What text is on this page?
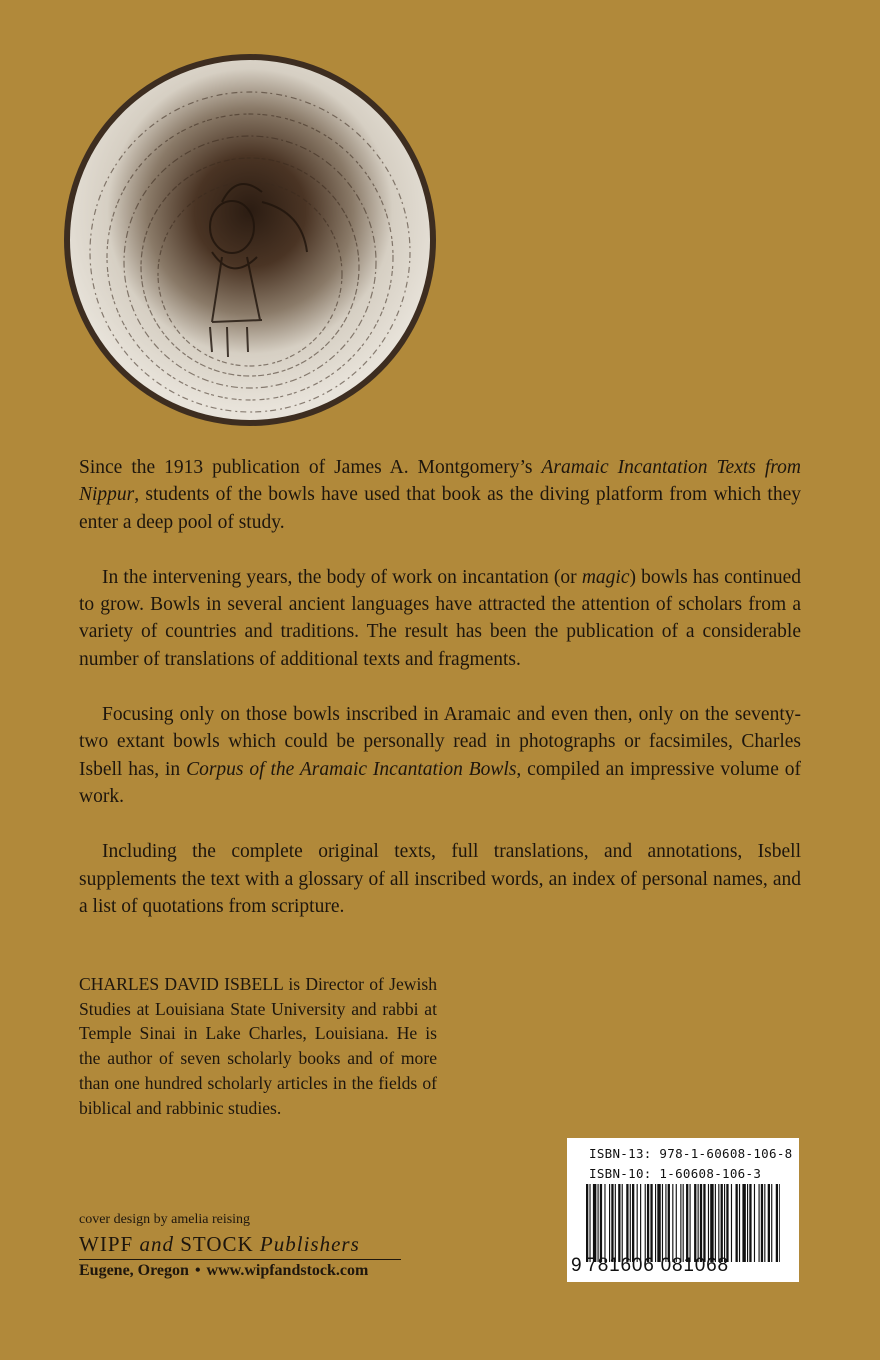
Since the 1913 publication of James A. Montgomery’s Aramaic Incantation Texts from Nippur, students of the bowls have used that book as the diving platform from which they enter a deep pool of study.

In the intervening years, the body of work on incantation (or magic) bowls has continued to grow. Bowls in several ancient languages have attracted the attention of scholars from a variety of countries and traditions. The result has been the publication of a considerable number of translations of additional texts and fragments.

Focusing only on those bowls inscribed in Aramaic and even then, only on the seventy-two extant bowls which could be personally read in photographs or facsimiles, Charles Isbell has, in Corpus of the Aramaic Incantation Bowls, compiled an impressive volume of work.

Including the complete original texts, full translations, and annotations, Isbell supplements the text with a glossary of all inscribed words, an index of personal names, and a list of quotations from scripture.

CHARLES DAVID ISBELL is Director of Jewish Studies at Louisiana State University and rabbi at Temple Sinai in Lake Charles, Louisiana. He is the author of seven scholarly books and of more than one hundred scholarly articles in the fields of biblical and rabbinic studies.

cover design by amelia reising
WIPF and STOCK Publishers
Eugene, Oregon • www.wipfandstock.com
ISBN-13: 978-1-60608-106-8
ISBN-10: 1-60608-106-3
9 781606 081068
